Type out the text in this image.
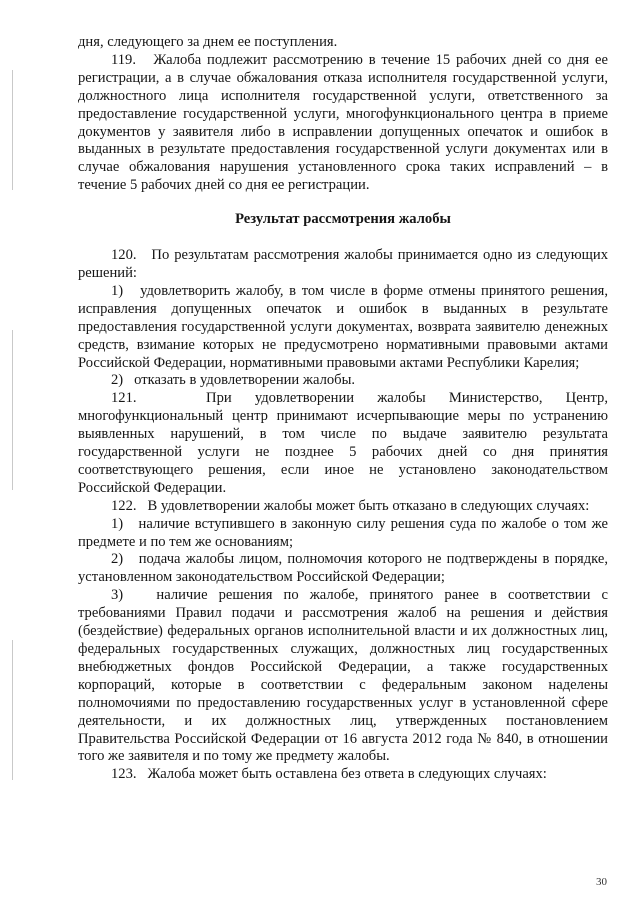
дня, следующего за днем ее поступления.

119.   Жалоба подлежит рассмотрению в течение 15 рабочих дней со дня ее регистрации, а в случае обжалования отказа исполнителя государственной услуги, должностного лица исполнителя государственной услуги, ответственного за предоставление государственной услуги, многофункционального центра в приеме документов у заявителя либо в исправлении допущенных опечаток и ошибок в выданных в результате предоставления государственной услуги документах или в случае обжалования нарушения установленного срока таких исправлений – в течение 5 рабочих дней со дня ее регистрации.

Результат рассмотрения жалобы

120.   По результатам рассмотрения жалобы принимается одно из следующих решений:

1)   удовлетворить жалобу, в том числе в форме отмены принятого решения, исправления допущенных опечаток и ошибок в выданных в результате предоставления государственной услуги документах, возврата заявителю денежных средств, взимание которых не предусмотрено нормативными правовыми актами Российской Федерации, нормативными правовыми актами Республики Карелия;

2)   отказать в удовлетворении жалобы.

121.   При удовлетворении жалобы Министерство, Центр, многофункциональный центр принимают исчерпывающие меры по устранению выявленных нарушений, в том числе по выдаче заявителю результата государственной услуги не позднее 5 рабочих дней со дня принятия соответствующего решения, если иное не установлено законодательством Российской Федерации.

122.   В удовлетворении жалобы может быть отказано в следующих случаях:

1)   наличие вступившего в законную силу решения суда по жалобе о том же предмете и по тем же основаниям;

2)   подача жалобы лицом, полномочия которого не подтверждены в порядке, установленном законодательством Российской Федерации;

3)   наличие решения по жалобе, принятого ранее в соответствии с требованиями Правил подачи и рассмотрения жалоб на решения и действия (бездействие) федеральных органов исполнительной власти и их должностных лиц, федеральных государственных служащих, должностных лиц государственных внебюджетных фондов Российской Федерации, а также государственных корпораций, которые в соответствии с федеральным законом наделены полномочиями по предоставлению государственных услуг в установленной сфере деятельности, и их должностных лиц, утвержденных постановлением Правительства Российской Федерации от 16 августа 2012 года № 840, в отношении того же заявителя и по тому же предмету жалобы.

123.   Жалоба может быть оставлена без ответа в следующих случаях:

30
